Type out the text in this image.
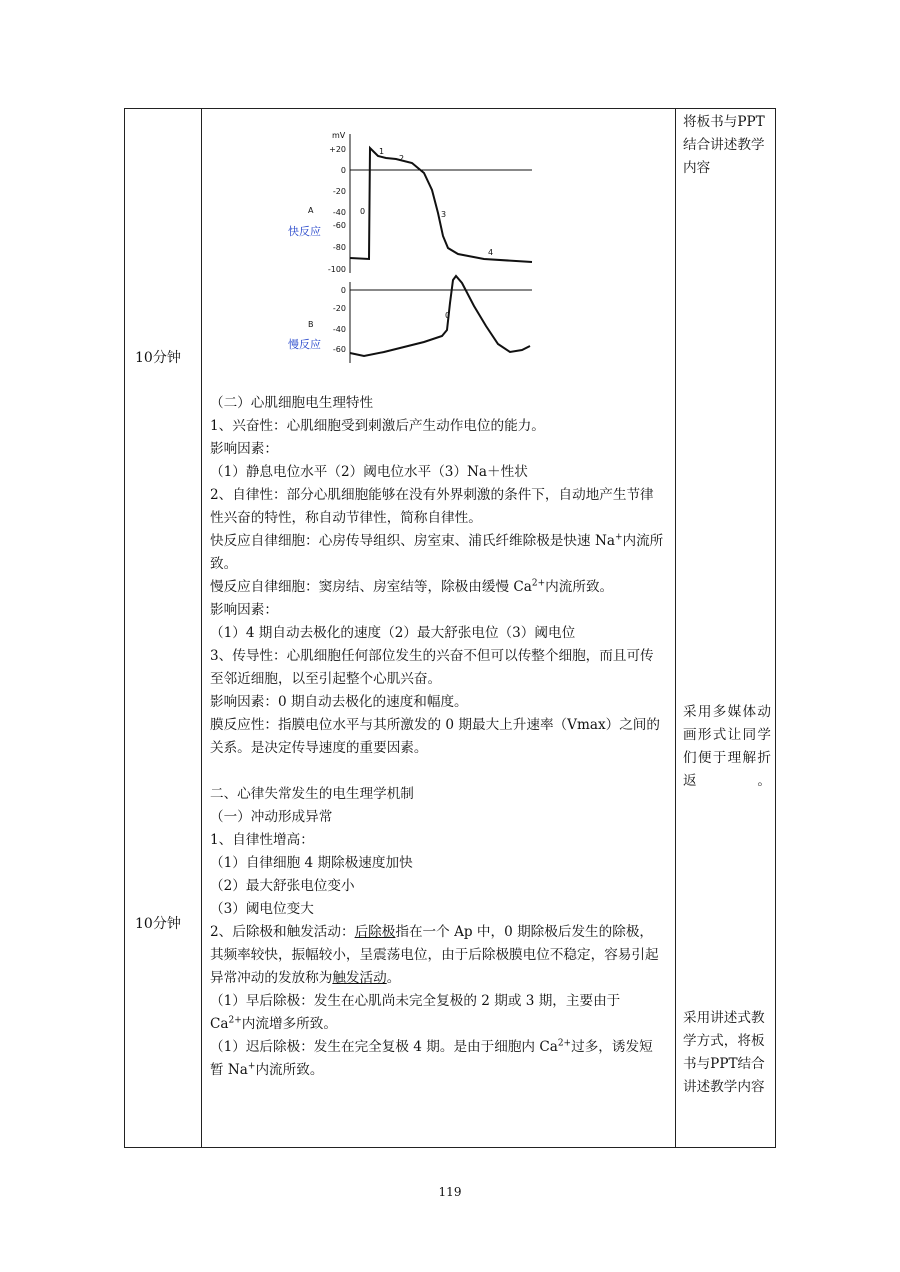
10分钟
10分钟
mV
+20
0
-20
-40
-60
-80
-100
A
0
-20
-40
-60
B
0
1
2
3
4
0
快反应
慢反应

（二）心肌细胞电生理特性

1、兴奋性：心肌细胞受到刺激后产生动作电位的能力。

影响因素：

（1）静息电位水平（2）阈电位水平（3）Na＋性状

2、自律性：部分心肌细胞能够在没有外界刺激的条件下，自动地产生节律性兴奋的特性，称自动节律性，简称自律性。

快反应自律细胞：心房传导组织、房室束、浦氏纤维除极是快速 Na+内流所致。

慢反应自律细胞：窦房结、房室结等，除极由缓慢 $Ca^{2+}$内流所致。

影响因素：

（1）4 期自动去极化的速度（2）最大舒张电位（3）阈电位

3、传导性：心肌细胞任何部位发生的兴奋不但可以传整个细胞，而且可传至邻近细胞，以至引起整个心肌兴奋。

影响因素：0 期自动去极化的速度和幅度。

膜反应性：指膜电位水平与其所激发的 0 期最大上升速率（Vmax）之间的关系。是决定传导速度的重要因素。

二、心律失常发生的电生理学机制

（一）冲动形成异常

1、自律性增高：

（1）自律细胞 4 期除极速度加快

（2）最大舒张电位变小

（3）阈电位变大

2、后除极和触发活动：后除极指在一个 Ap 中，0 期除极后发生的除极，其频率较快，振幅较小，呈震荡电位，由于后除极膜电位不稳定，容易引起异常冲动的发放称为触发活动。

（1）早后除极：发生在心肌尚未完全复极的 2 期或 3 期，主要由于 $Ca^{2+}$内流增多所致。

（1）迟后除极：发生在完全复极 4 期。是由于细胞内 $Ca^{2+}$过多，诱发短暂 Na+内流所致。

将板书与PPT结合讲述教学内容
采用多媒体动画形式让同学们便于理解折返。
采用讲述式教学方式，将板书与PPT结合讲述教学内容
119
